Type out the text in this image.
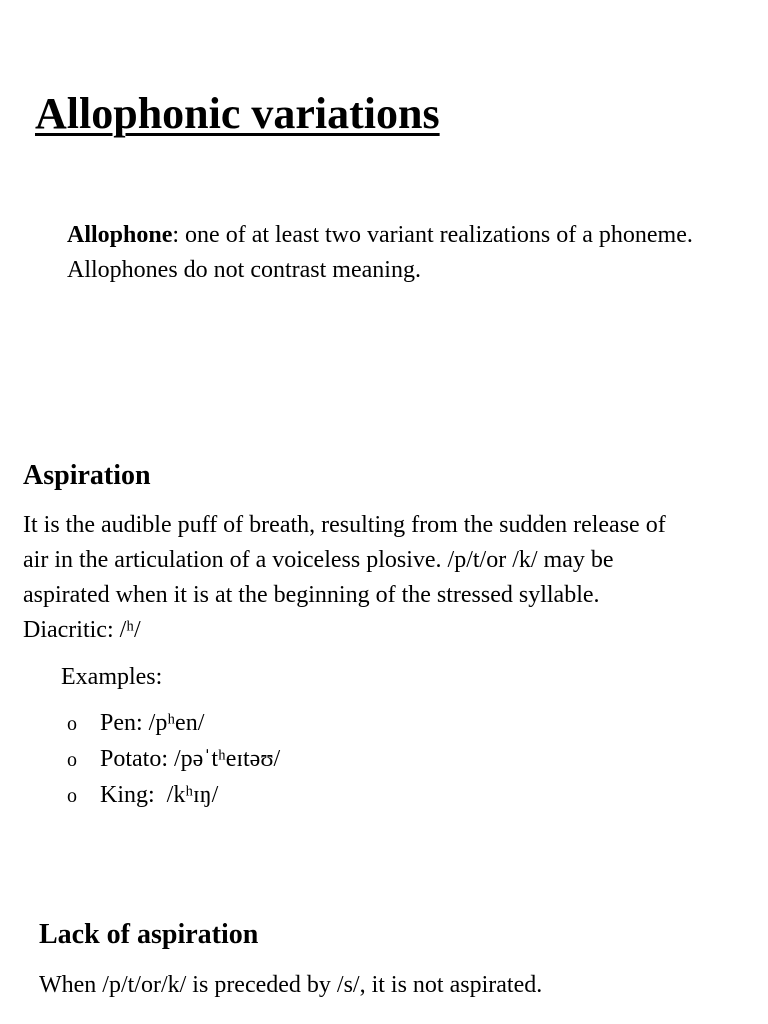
Allophonic variations
Allophone: one of at least two variant realizations of a phoneme.
Allophones do not contrast meaning.
Aspiration
It is the audible puff of breath, resulting from the sudden release of
air in the articulation of a voiceless plosive. /p/t/or /k/ may be
aspirated when it is at the beginning of the stressed syllable.
Diacritic: /ʰ/
Examples:
o Pen: /pʰen/
o Potato: /pəˈtʰeɪtəʊ/
o King:  /kʰɪŋ/
Lack of aspiration
When /p/t/or/k/ is preceded by /s/, it is not aspirated.
